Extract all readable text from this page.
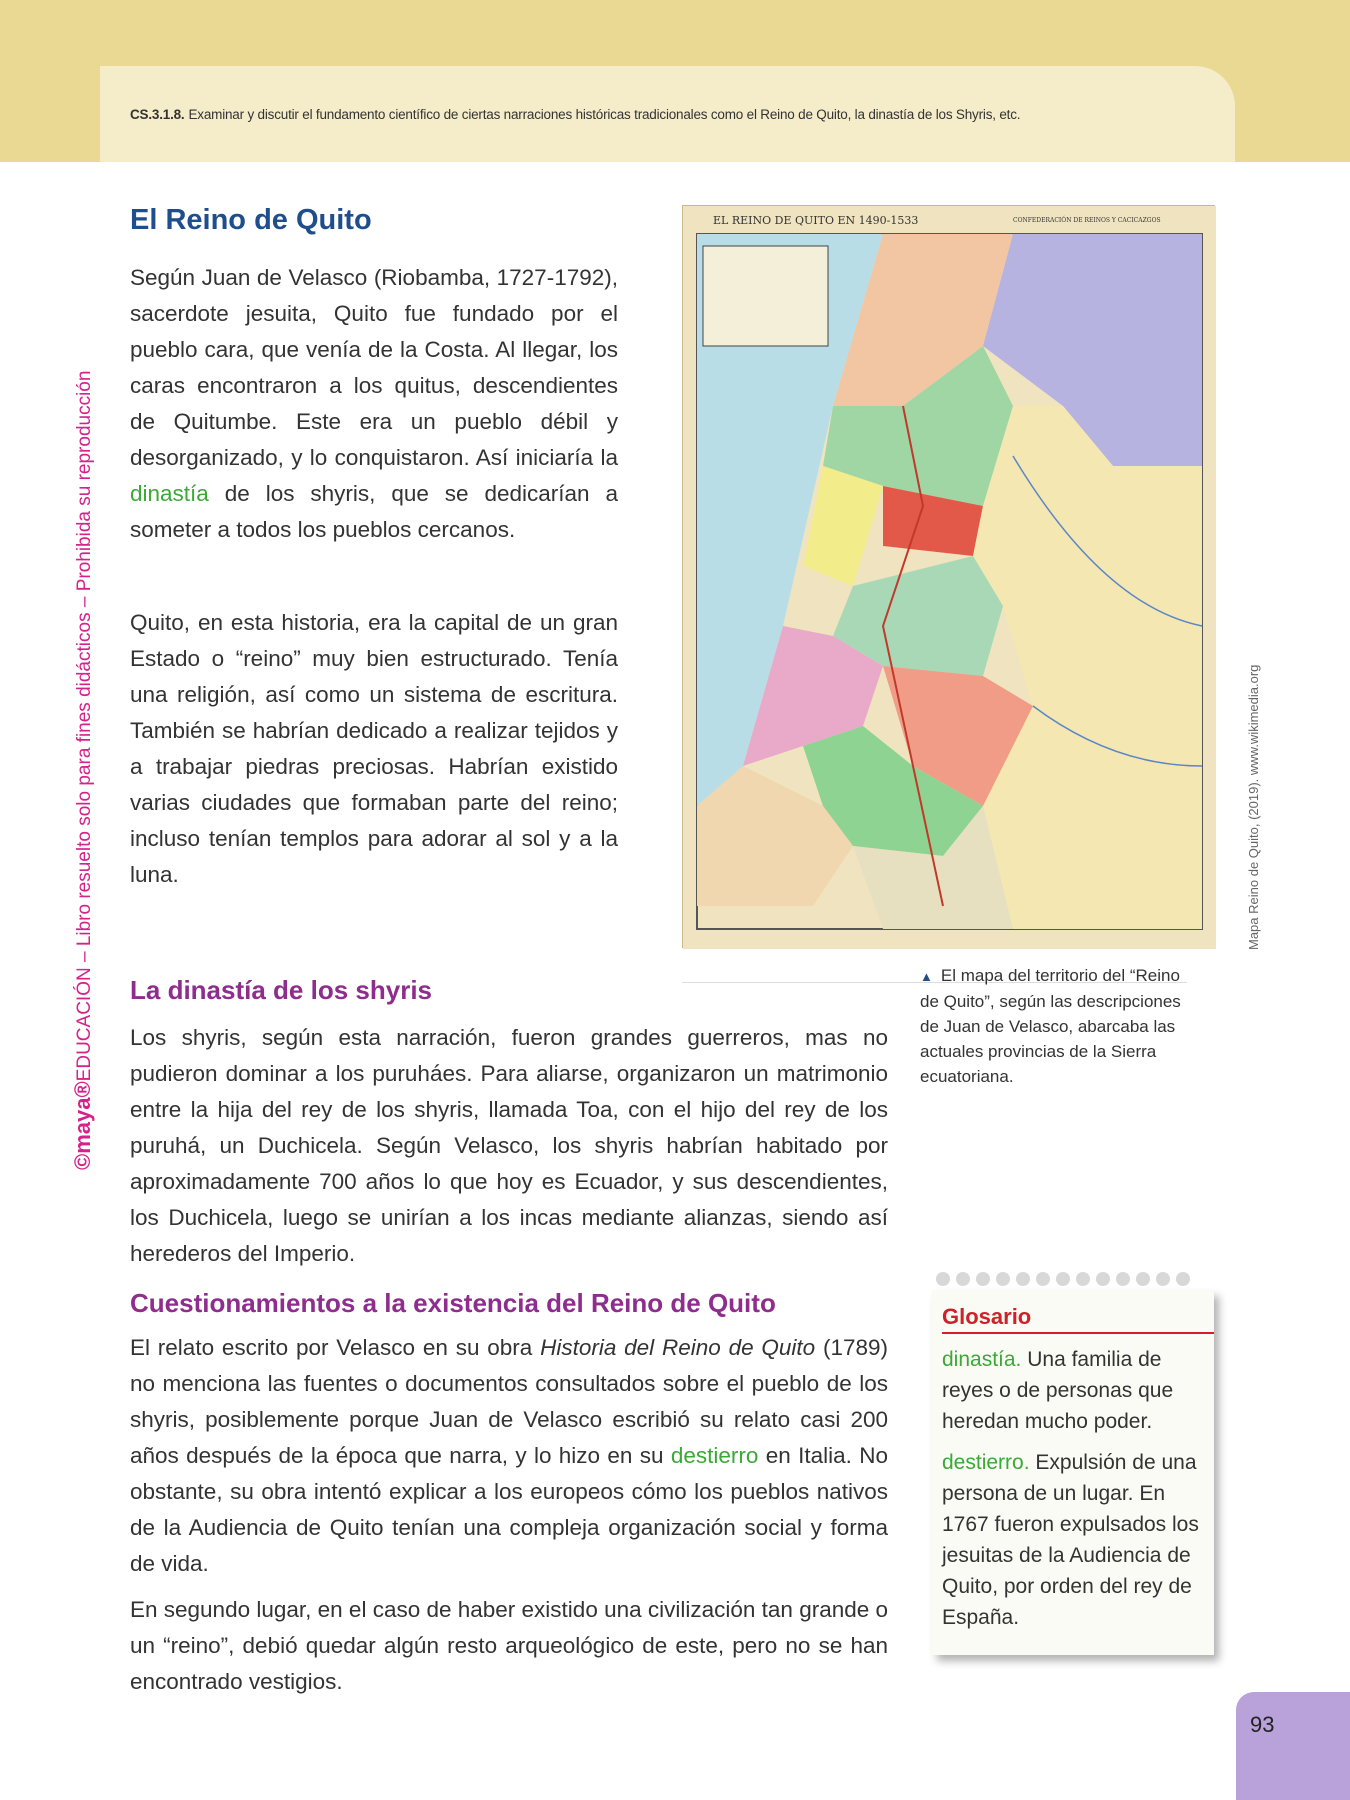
CS.3.1.8. Examinar y discutir el fundamento científico de ciertas narraciones históricas tradicionales como el Reino de Quito, la dinastía de los Shyris, etc.
©maya®EDUCACIÓN – Libro resuelto solo para fines didácticos – Prohibida su reproducción
El Reino de Quito
Según Juan de Velasco (Riobamba, 1727-1792), sacerdote jesuita, Quito fue fundado por el pueblo cara, que venía de la Costa. Al llegar, los caras encontraron a los quitus, descendientes de Quitumbe. Este era un pueblo débil y desorganizado, y lo conquistaron. Así iniciaría la dinastía de los shyris, que se dedicarían a someter a todos los pueblos cercanos.
Quito, en esta historia, era la capital de un gran Estado o “reino” muy bien estructurado. Tenía una religión, así como un sistema de escritura. También se habrían dedicado a realizar tejidos y a trabajar piedras preciosas. Habrían existido varias ciudades que formaban parte del reino; incluso tenían templos para adorar al sol y a la luna.
EL REINO DE QUITO EN 1490-1533	CONFEDERACIÓN DE REINOS Y CACICAZGOS
Mapa Reino de Quito, (2019). www.wikimedia.org
▲ El mapa del territorio del “Reino de Quito”, según las descripciones de Juan de Velasco, abarcaba las actuales provincias de la Sierra ecuatoriana.
La dinastía de los shyris
Los shyris, según esta narración, fueron grandes guerreros, mas no pudieron dominar a los puruháes. Para aliarse, organizaron un matrimonio entre la hija del rey de los shyris, llamada Toa, con el hijo del rey de los puruhá, un Duchicela. Según Velasco, los shyris habrían habitado por aproximadamente 700 años lo que hoy es Ecuador, y sus descendientes, los Duchicela, luego se unirían a los incas mediante alianzas, siendo así herederos del Imperio.
Cuestionamientos a la existencia del Reino de Quito
El relato escrito por Velasco en su obra Historia del Reino de Quito (1789) no menciona las fuentes o documentos consultados sobre el pueblo de los shyris, posiblemente porque Juan de Velasco escribió su relato casi 200 años después de la época que narra, y lo hizo en su destierro en Italia. No obstante, su obra intentó explicar a los europeos cómo los pueblos nativos de la Audiencia de Quito tenían una compleja organización social y forma de vida.
En segundo lugar, en el caso de haber existido una civilización tan grande o un “reino”, debió quedar algún resto arqueológico de este, pero no se han encontrado vestigios.
Glosario

dinastía. Una familia de reyes o de personas que heredan mucho poder.

destierro. Expulsión de una persona de un lugar. En 1767 fueron expulsados los jesuitas de la Audiencia de Quito, por orden del rey de España.

93
